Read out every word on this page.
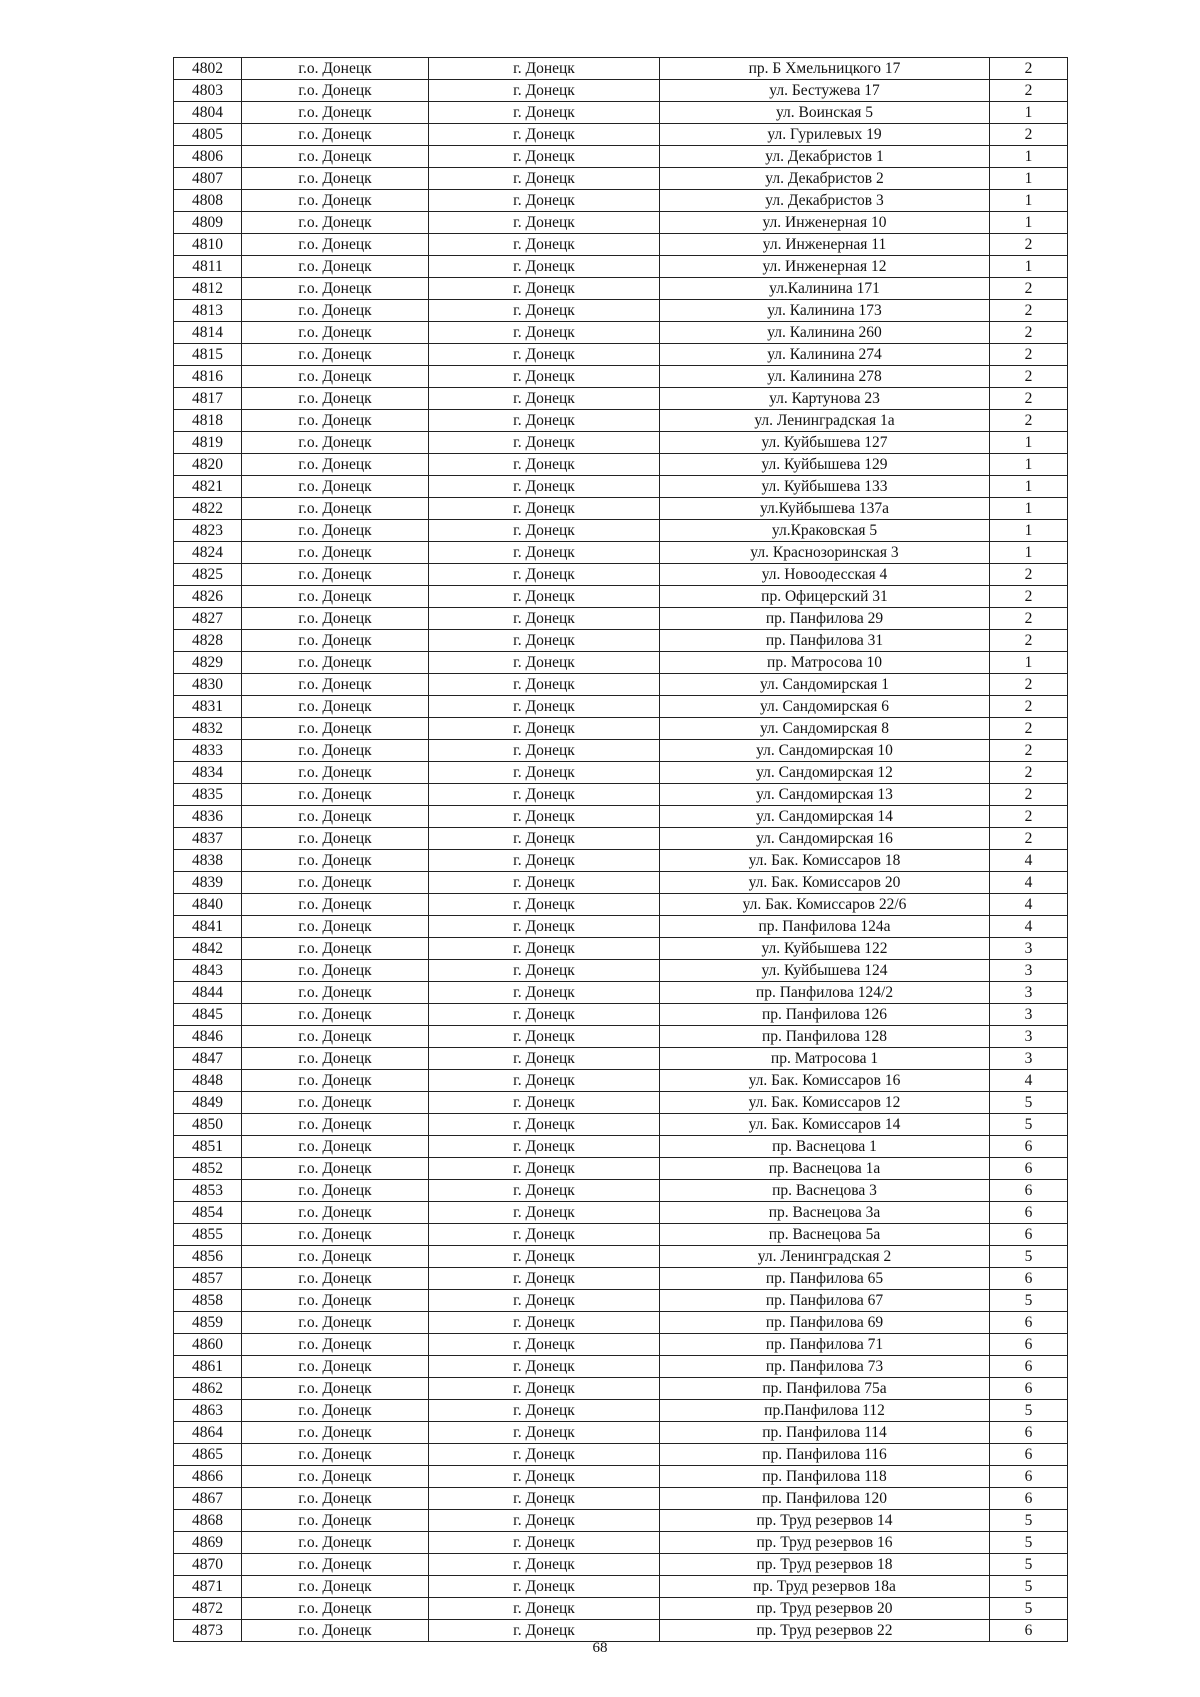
4802	г.о. Донецк	г. Донецк	пр. Б Хмельницкого 17	2
4803	г.о. Донецк	г. Донецк	ул. Бестужева 17	2
4804	г.о. Донецк	г. Донецк	ул. Воинская 5	1
4805	г.о. Донецк	г. Донецк	ул. Гурилевых 19	2
4806	г.о. Донецк	г. Донецк	ул. Декабристов 1	1
4807	г.о. Донецк	г. Донецк	ул. Декабристов 2	1
4808	г.о. Донецк	г. Донецк	ул. Декабристов 3	1
4809	г.о. Донецк	г. Донецк	ул. Инженерная 10	1
4810	г.о. Донецк	г. Донецк	ул. Инженерная 11	2
4811	г.о. Донецк	г. Донецк	ул. Инженерная 12	1
4812	г.о. Донецк	г. Донецк	ул.Калинина 171	2
4813	г.о. Донецк	г. Донецк	ул. Калинина 173	2
4814	г.о. Донецк	г. Донецк	ул. Калинина 260	2
4815	г.о. Донецк	г. Донецк	ул. Калинина 274	2
4816	г.о. Донецк	г. Донецк	ул. Калинина 278	2
4817	г.о. Донецк	г. Донецк	ул. Картунова 23	2
4818	г.о. Донецк	г. Донецк	ул. Ленинградская 1а	2
4819	г.о. Донецк	г. Донецк	ул. Куйбышева 127	1
4820	г.о. Донецк	г. Донецк	ул. Куйбышева 129	1
4821	г.о. Донецк	г. Донецк	ул. Куйбышева 133	1
4822	г.о. Донецк	г. Донецк	ул.Куйбышева 137а	1
4823	г.о. Донецк	г. Донецк	ул.Краковская 5	1
4824	г.о. Донецк	г. Донецк	ул. Краснозоринская 3	1
4825	г.о. Донецк	г. Донецк	ул. Новоодесская 4	2
4826	г.о. Донецк	г. Донецк	пр. Офицерский 31	2
4827	г.о. Донецк	г. Донецк	пр. Панфилова 29	2
4828	г.о. Донецк	г. Донецк	пр. Панфилова 31	2
4829	г.о. Донецк	г. Донецк	пр. Матросова 10	1
4830	г.о. Донецк	г. Донецк	ул. Сандомирская 1	2
4831	г.о. Донецк	г. Донецк	ул. Сандомирская 6	2
4832	г.о. Донецк	г. Донецк	ул. Сандомирская 8	2
4833	г.о. Донецк	г. Донецк	ул. Сандомирская 10	2
4834	г.о. Донецк	г. Донецк	ул. Сандомирская 12	2
4835	г.о. Донецк	г. Донецк	ул. Сандомирская 13	2
4836	г.о. Донецк	г. Донецк	ул. Сандомирская 14	2
4837	г.о. Донецк	г. Донецк	ул. Сандомирская 16	2
4838	г.о. Донецк	г. Донецк	ул. Бак. Комиссаров 18	4
4839	г.о. Донецк	г. Донецк	ул. Бак. Комиссаров 20	4
4840	г.о. Донецк	г. Донецк	ул. Бак. Комиссаров 22/6	4
4841	г.о. Донецк	г. Донецк	пр. Панфилова 124а	4
4842	г.о. Донецк	г. Донецк	ул. Куйбышева 122	3
4843	г.о. Донецк	г. Донецк	ул. Куйбышева 124	3
4844	г.о. Донецк	г. Донецк	пр. Панфилова 124/2	3
4845	г.о. Донецк	г. Донецк	пр. Панфилова 126	3
4846	г.о. Донецк	г. Донецк	пр. Панфилова 128	3
4847	г.о. Донецк	г. Донецк	пр. Матросова 1	3
4848	г.о. Донецк	г. Донецк	ул. Бак. Комиссаров 16	4
4849	г.о. Донецк	г. Донецк	ул. Бак. Комиссаров 12	5
4850	г.о. Донецк	г. Донецк	ул. Бак. Комиссаров 14	5
4851	г.о. Донецк	г. Донецк	пр. Васнецова 1	6
4852	г.о. Донецк	г. Донецк	пр. Васнецова 1а	6
4853	г.о. Донецк	г. Донецк	пр. Васнецова 3	6
4854	г.о. Донецк	г. Донецк	пр. Васнецова 3а	6
4855	г.о. Донецк	г. Донецк	пр. Васнецова 5а	6
4856	г.о. Донецк	г. Донецк	ул. Ленинградская 2	5
4857	г.о. Донецк	г. Донецк	пр. Панфилова 65	6
4858	г.о. Донецк	г. Донецк	пр. Панфилова 67	5
4859	г.о. Донецк	г. Донецк	пр. Панфилова 69	6
4860	г.о. Донецк	г. Донецк	пр. Панфилова 71	6
4861	г.о. Донецк	г. Донецк	пр. Панфилова 73	6
4862	г.о. Донецк	г. Донецк	пр. Панфилова 75а	6
4863	г.о. Донецк	г. Донецк	пр.Панфилова 112	5
4864	г.о. Донецк	г. Донецк	пр. Панфилова 114	6
4865	г.о. Донецк	г. Донецк	пр. Панфилова 116	6
4866	г.о. Донецк	г. Донецк	пр. Панфилова 118	6
4867	г.о. Донецк	г. Донецк	пр. Панфилова 120	6
4868	г.о. Донецк	г. Донецк	пр. Труд резервов 14	5
4869	г.о. Донецк	г. Донецк	пр. Труд резервов 16	5
4870	г.о. Донецк	г. Донецк	пр. Труд резервов 18	5
4871	г.о. Донецк	г. Донецк	пр. Труд резервов 18а	5
4872	г.о. Донецк	г. Донецк	пр. Труд резервов 20	5
4873	г.о. Донецк	г. Донецк	пр. Труд резервов 22	6
68
